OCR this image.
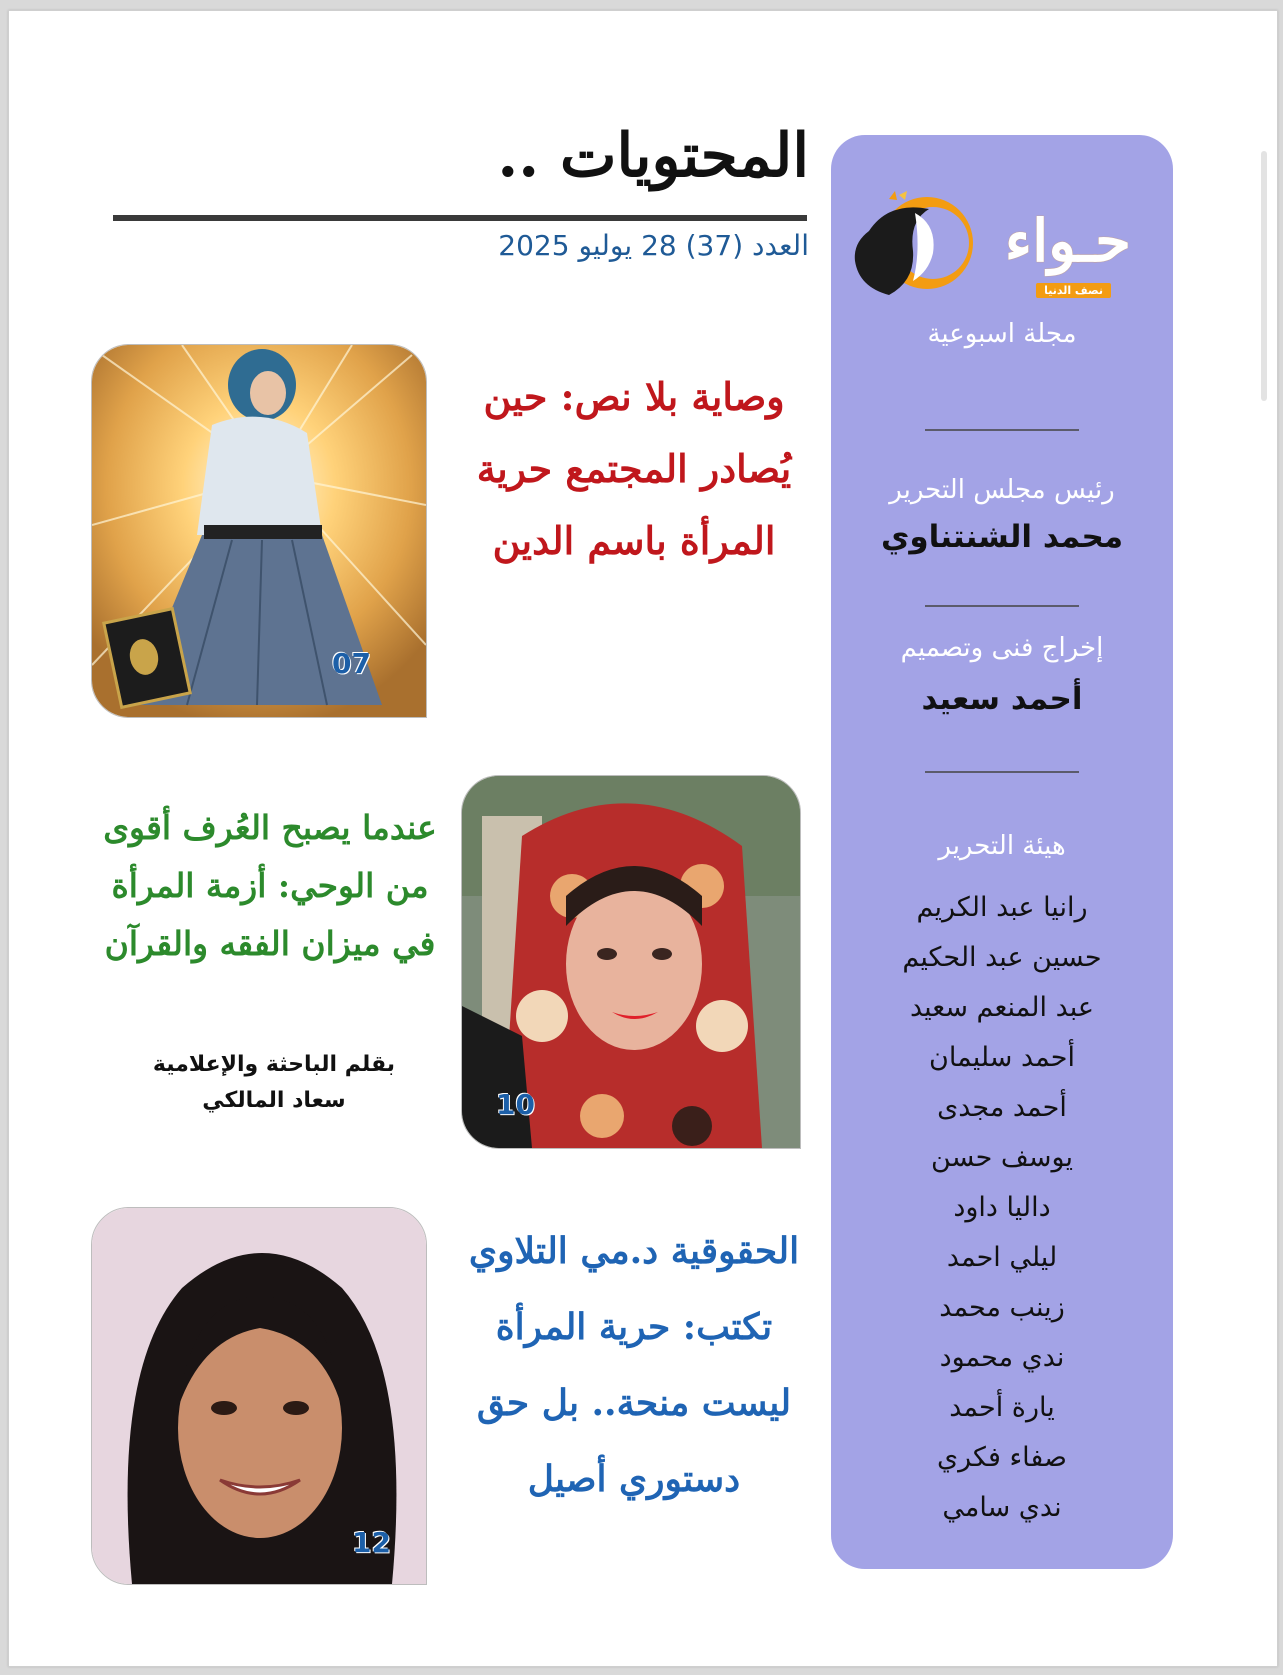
المحتويات ..
العدد (37) 28 يوليو 2025
07
وصاية بلا نص: حين يُصادر المجتمع حرية المرأة باسم الدين
10
عندما يصبح العُرف أقوى من الوحي: أزمة المرأة في ميزان الفقه والقرآن
بقلم الباحثة والإعلامية
سعاد المالكي
12
الحقوقية د.مي التلاوي تكتب: حرية المرأة ليست منحة.. بل حق دستوري أصيل
حـواء
نصف الدنيا
مجلة اسبوعية
رئيس مجلس التحرير
محمد الشنتناوي
إخراج فنى وتصميم
أحمد سعيد
هيئة التحرير
رانيا عبد الكريم
حسين عبد الحكيم
عبد المنعم سعيد
أحمد سليمان
أحمد مجدى
يوسف حسن
داليا داود
ليلي احمد
زينب محمد
ندي محمود
يارة أحمد
صفاء فكري
ندي سامي
